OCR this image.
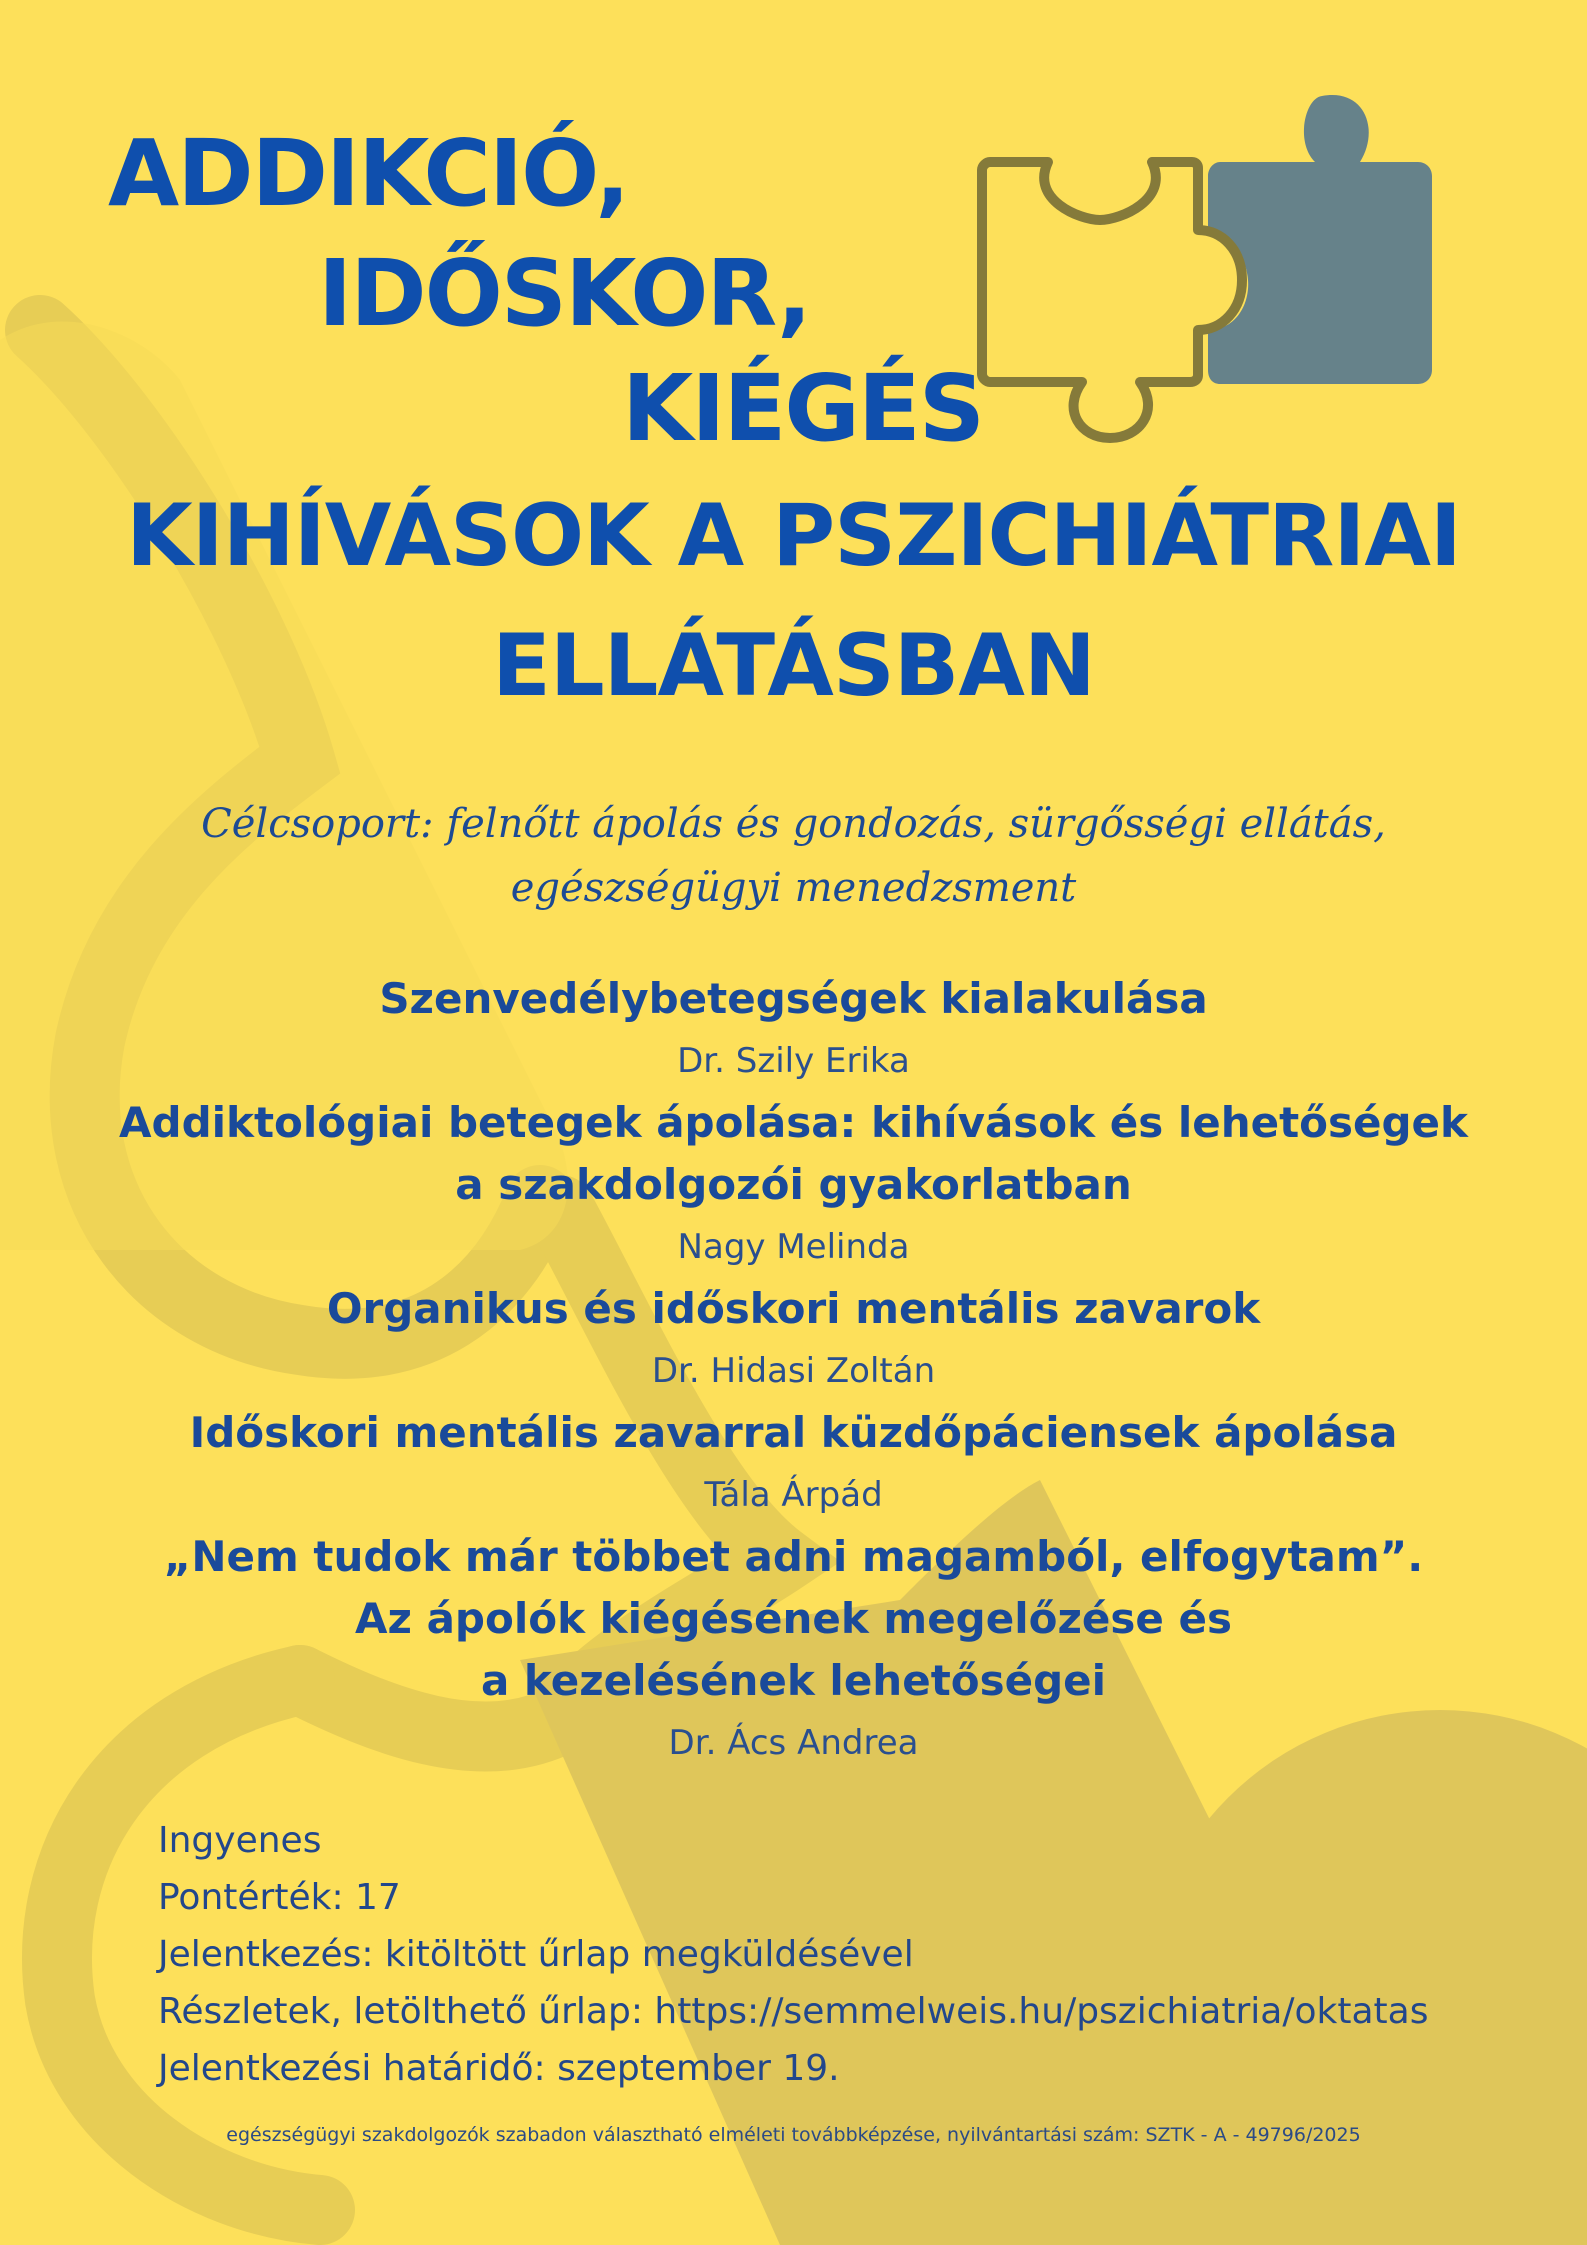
ADDIKCIÓ,
IDŐSKOR,
KIÉGÉS
KIHÍVÁSOK A PSZICHIÁTRIAI
ELLÁTÁSBAN
Célcsoport: felnőtt ápolás és gondozás, sürgősségi ellátás,
egészségügyi menedzsment
Szenvedélybetegségek kialakulása
Dr. Szily Erika
Addiktológiai betegek ápolása: kihívások és lehetőségek
a szakdolgozói gyakorlatban
Nagy Melinda
Organikus és időskori mentális zavarok
Dr. Hidasi Zoltán
Időskori mentális zavarral küzdőpáciensek ápolása
Tála Árpád
„Nem tudok már többet adni magamból, elfogytam”.
Az ápolók kiégésének megelőzése és
a kezelésének lehetőségei
Dr. Ács Andrea
Ingyenes
Pontérték: 17
Jelentkezés: kitöltött űrlap megküldésével
Részletek, letölthető űrlap: https://semmelweis.hu/pszichiatria/oktatas
Jelentkezési határidő: szeptember 19.
egészségügyi szakdolgozók szabadon választható elméleti továbbképzése, nyilvántartási szám: SZTK - A - 49796/2025
